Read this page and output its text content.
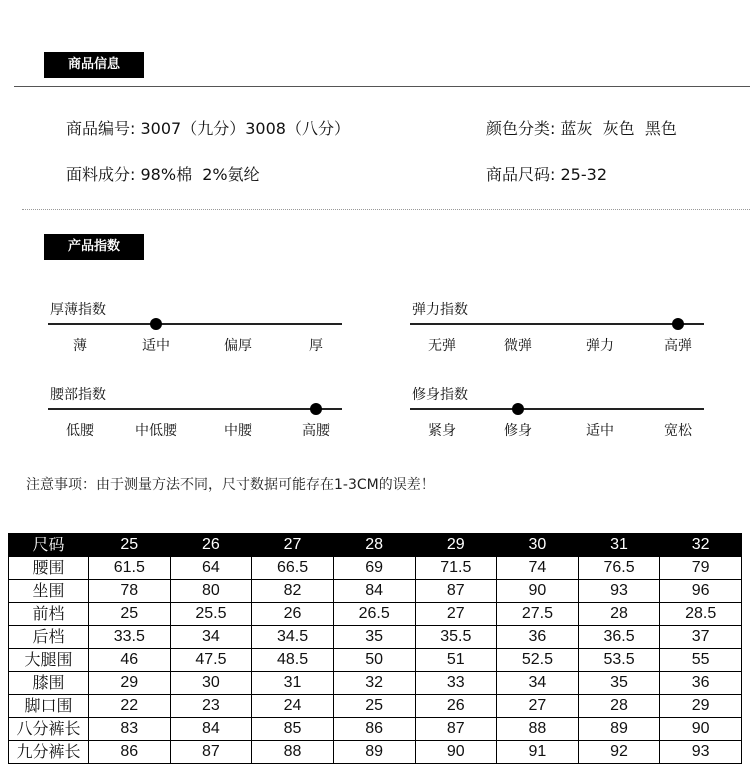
商品信息
商品编号: 3007（九分）3008（八分）	颜色分类: 蓝灰  灰色  黑色
面料成分: 98%棉  2%氨纶	商品尺码: 25-32
产品指数
厚薄指数
薄	适中	偏厚	厚
弹力指数
无弹	微弹	弹力	高弹
腰部指数
低腰	中低腰	中腰	高腰
修身指数
紧身	修身	适中	宽松
注意事项：由于测量方法不同，尺寸数据可能存在1-3CM的误差！
尺码	25	26	27	28	29	30	31	32
腰围	61.5	64	66.5	69	71.5	74	76.5	79
坐围	78	80	82	84	87	90	93	96
前档	25	25.5	26	26.5	27	27.5	28	28.5
后档	33.5	34	34.5	35	35.5	36	36.5	37
大腿围	46	47.5	48.5	50	51	52.5	53.5	55
膝围	29	30	31	32	33	34	35	36
脚口围	22	23	24	25	26	27	28	29
八分裤长	83	84	85	86	87	88	89	90
九分裤长	86	87	88	89	90	91	92	93
